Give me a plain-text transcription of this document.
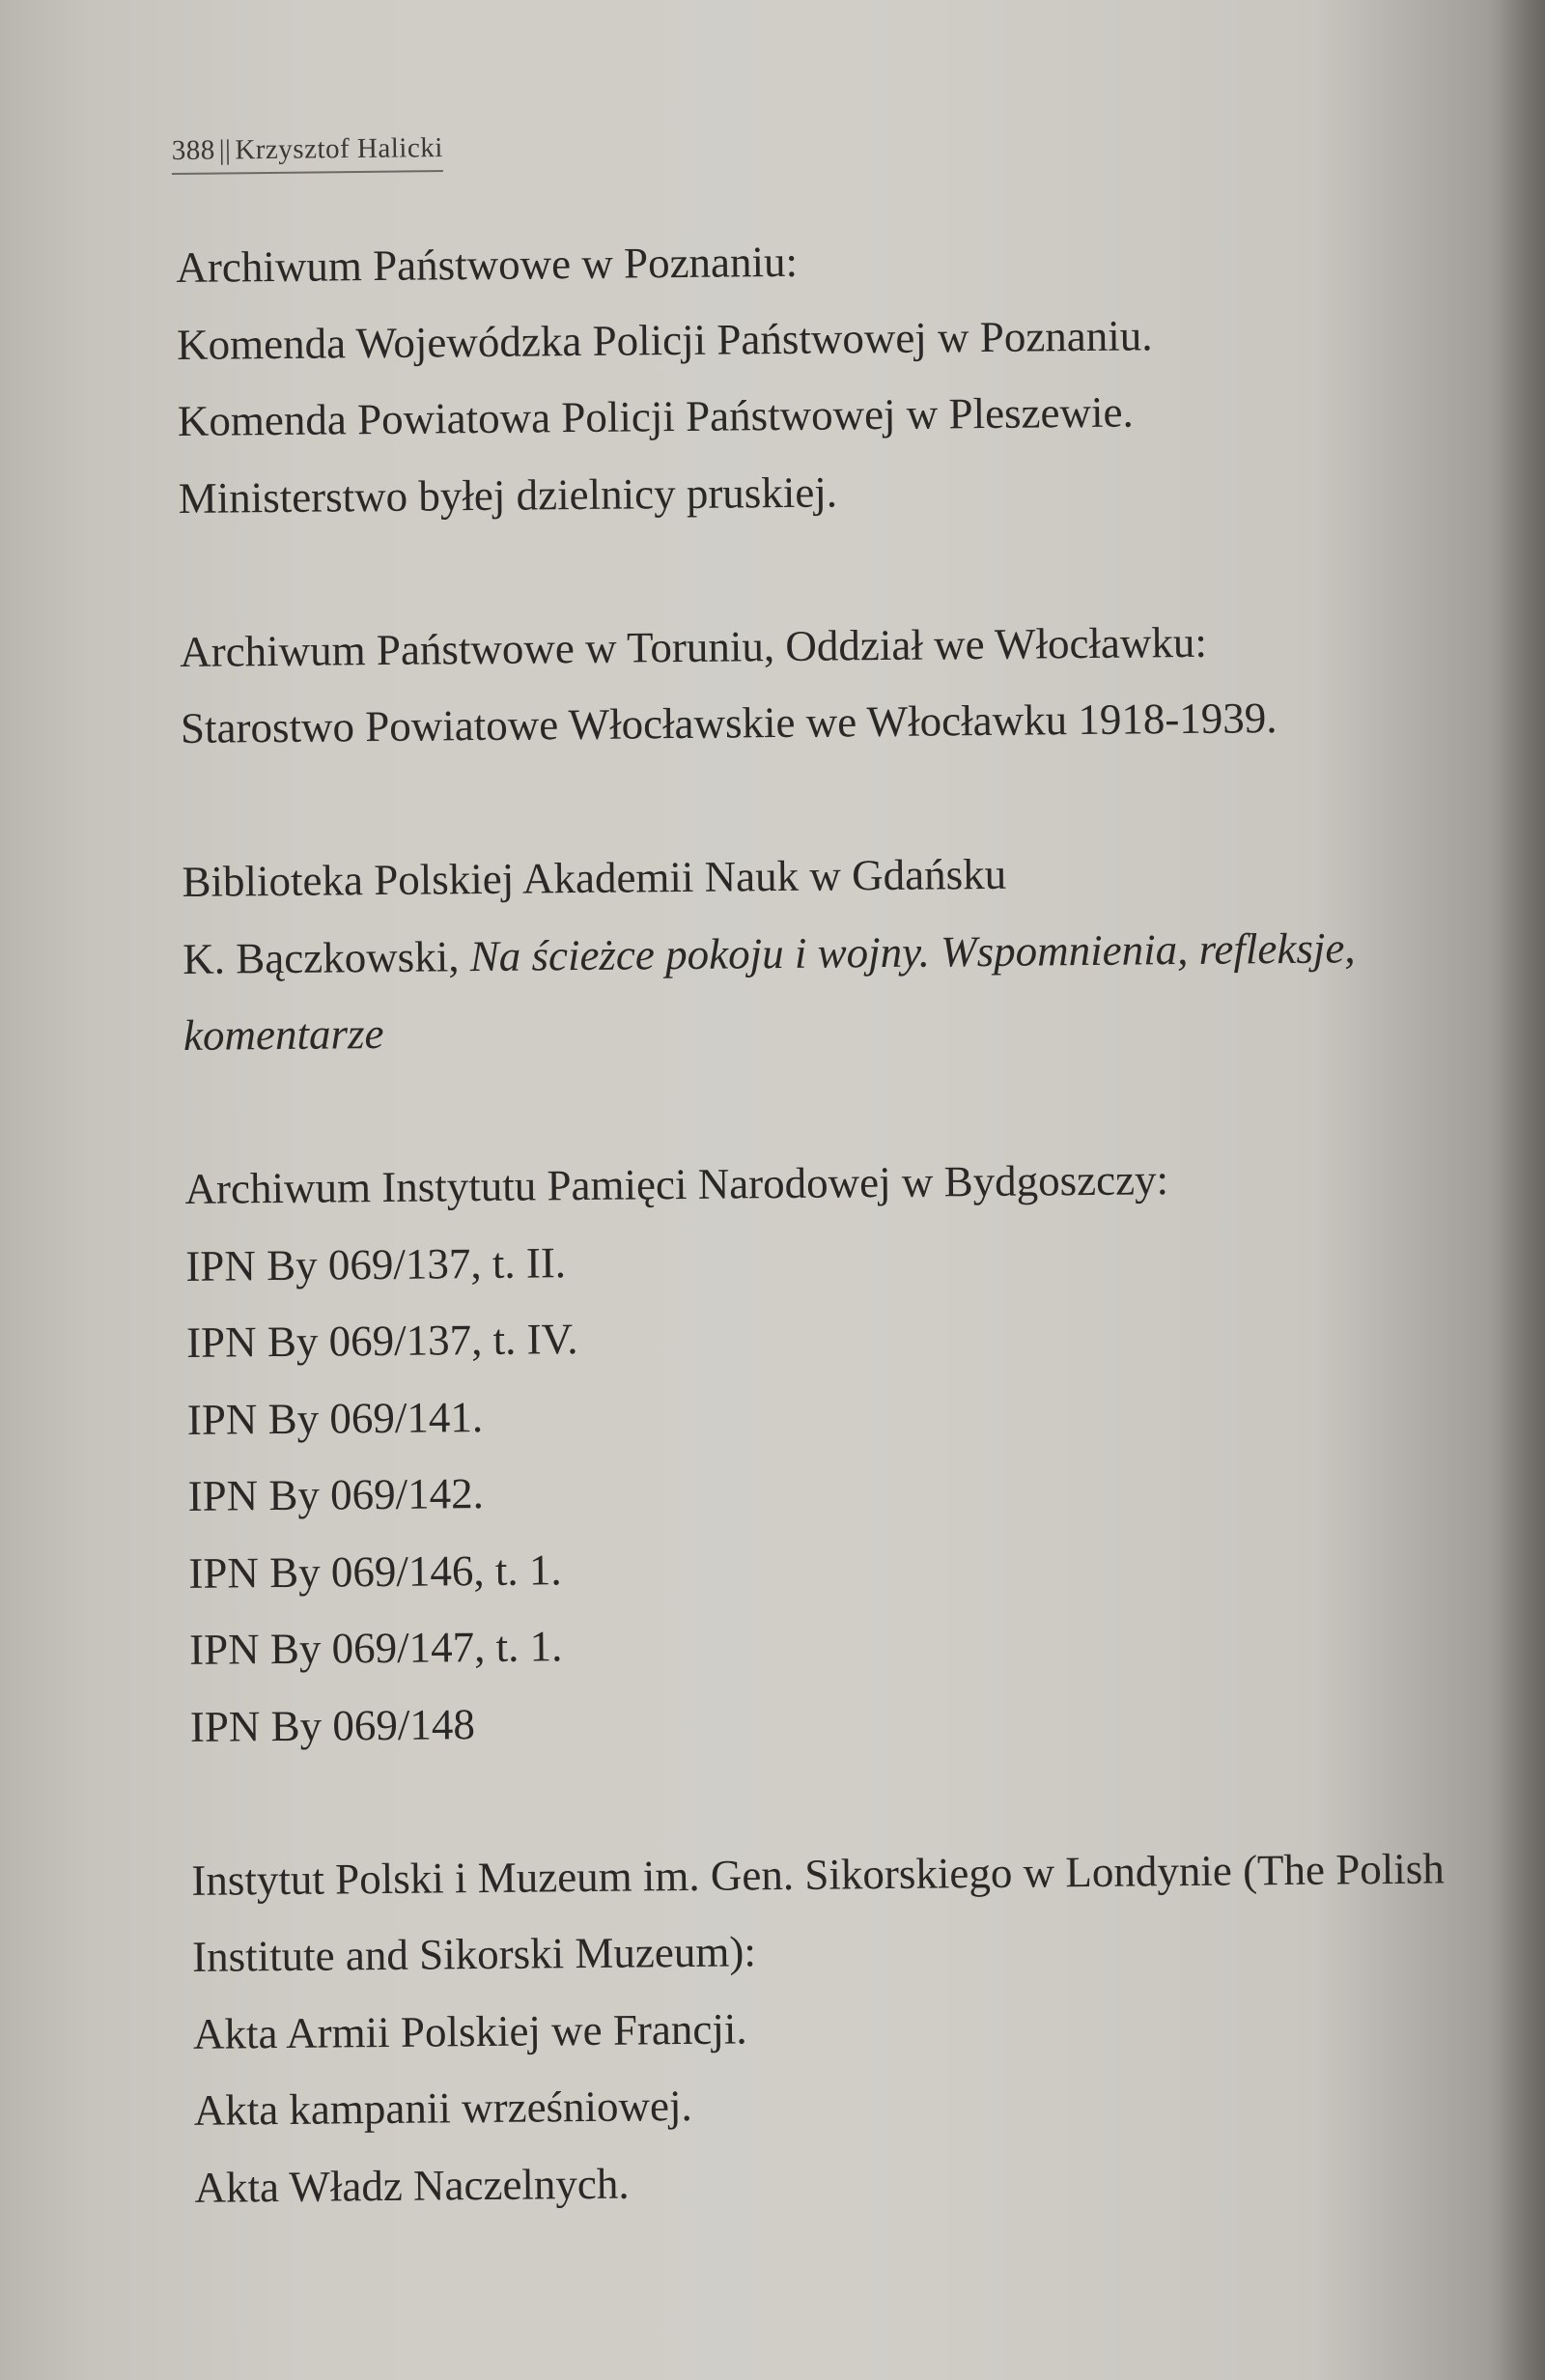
388 || Krzysztof Halicki
Archiwum Państwowe w Poznaniu:
Komenda Wojewódzka Policji Państwowej w Poznaniu.
Komenda Powiatowa Policji Państwowej w Pleszewie.
Ministerstwo byłej dzielnicy pruskiej.
Archiwum Państwowe w Toruniu, Oddział we Włocławku:
Starostwo Powiatowe Włocławskie we Włocławku 1918-1939.
Biblioteka Polskiej Akademii Nauk w Gdańsku
K. Bączkowski, Na ścieżce pokoju i wojny. Wspomnienia, refleksje, komentarze
Archiwum Instytutu Pamięci Narodowej w Bydgoszczy:
IPN By 069/137, t. II.
IPN By 069/137, t. IV.
IPN By 069/141.
IPN By 069/142.
IPN By 069/146, t. 1.
IPN By 069/147, t. 1.
IPN By 069/148
Instytut Polski i Muzeum im. Gen. Sikorskiego w Londynie (The Polish Institute and Sikorski Muzeum):
Akta Armii Polskiej we Francji.
Akta kampanii wrześniowej.
Akta Władz Naczelnych.
